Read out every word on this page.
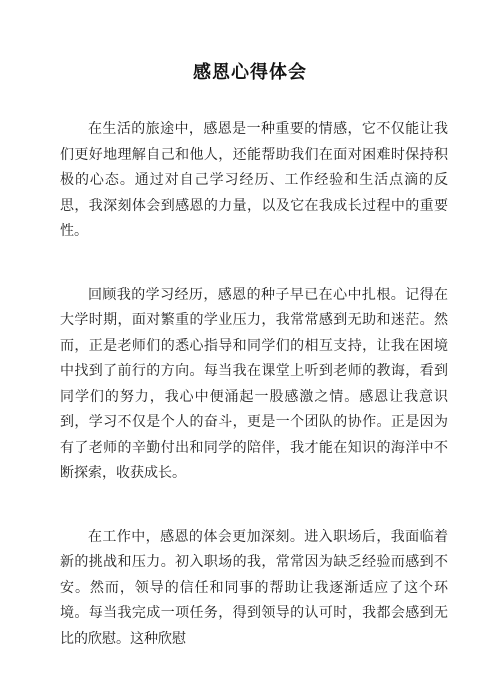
感恩心得体会

在生活的旅途中，感恩是一种重要的情感，它不仅能让我们更好地理解自己和他人，还能帮助我们在面对困难时保持积极的心态。通过对自己学习经历、工作经验和生活点滴的反思，我深刻体会到感恩的力量，以及它在我成长过程中的重要性。

回顾我的学习经历，感恩的种子早已在心中扎根。记得在大学时期，面对繁重的学业压力，我常常感到无助和迷茫。然而，正是老师们的悉心指导和同学们的相互支持，让我在困境中找到了前行的方向。每当我在课堂上听到老师的教诲，看到同学们的努力，我心中便涌起一股感激之情。感恩让我意识到，学习不仅是个人的奋斗，更是一个团队的协作。正是因为有了老师的辛勤付出和同学的陪伴，我才能在知识的海洋中不断探索，收获成长。

在工作中，感恩的体会更加深刻。进入职场后，我面临着新的挑战和压力。初入职场的我，常常因为缺乏经验而感到不安。然而，领导的信任和同事的帮助让我逐渐适应了这个环境。每当我完成一项任务，得到领导的认可时，我都会感到无比的欣慰。这种欣慰
